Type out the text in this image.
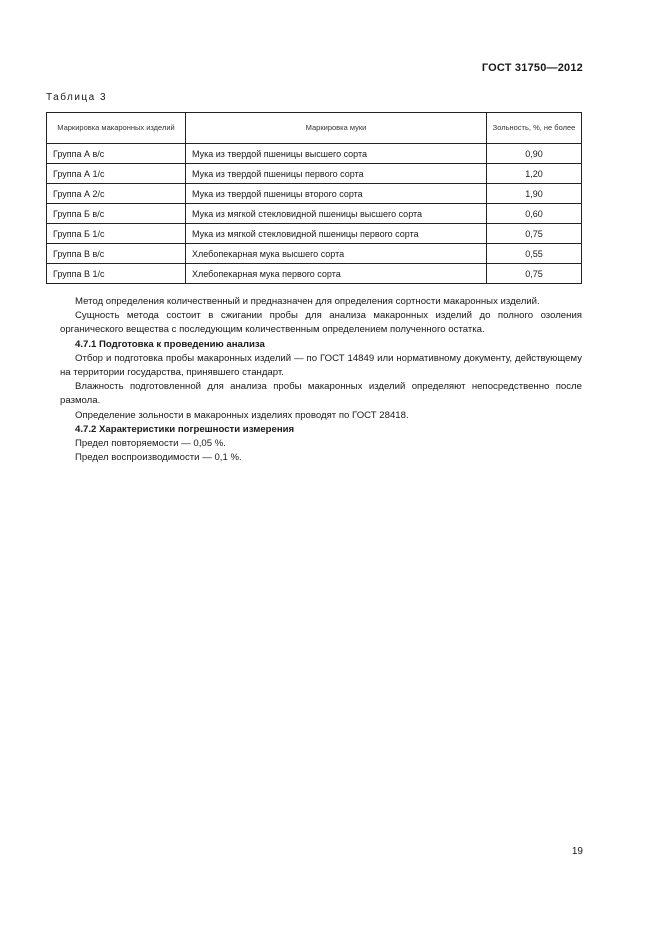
ГОСТ 31750—2012
Таблица 3
Маркировка макаронных изделий	Маркировка муки	Зольность, %, не более
Группа А в/с	Мука из твердой пшеницы высшего сорта	0,90
Группа А 1/с	Мука из твердой пшеницы первого сорта	1,20
Группа А 2/с	Мука из твердой пшеницы второго сорта	1,90
Группа Б в/с	Мука из мягкой стекловидной пшеницы высшего сорта	0,60
Группа Б 1/с	Мука из мягкой стекловидной пшеницы первого сорта	0,75
Группа В в/с	Хлебопекарная мука высшего сорта	0,55
Группа В 1/с	Хлебопекарная мука первого сорта	0,75

Метод определения количественный и предназначен для определения сортности макаронных изделий.

Сущность метода состоит в сжигании пробы для анализа макаронных изделий до полного озоления органического вещества с последующим количественным определением полученного остатка.

4.7.1 Подготовка к проведению анализа

Отбор и подготовка пробы макаронных изделий — по ГОСТ 14849 или нормативному документу, действующему на территории государства, принявшего стандарт.

Влажность подготовленной для анализа пробы макаронных изделий определяют непосредственно после размола.

Определение зольности в макаронных изделиях проводят по ГОСТ 28418.

4.7.2 Характеристики погрешности измерения

Предел повторяемости — 0,05 %.

Предел воспроизводимости — 0,1 %.

19
